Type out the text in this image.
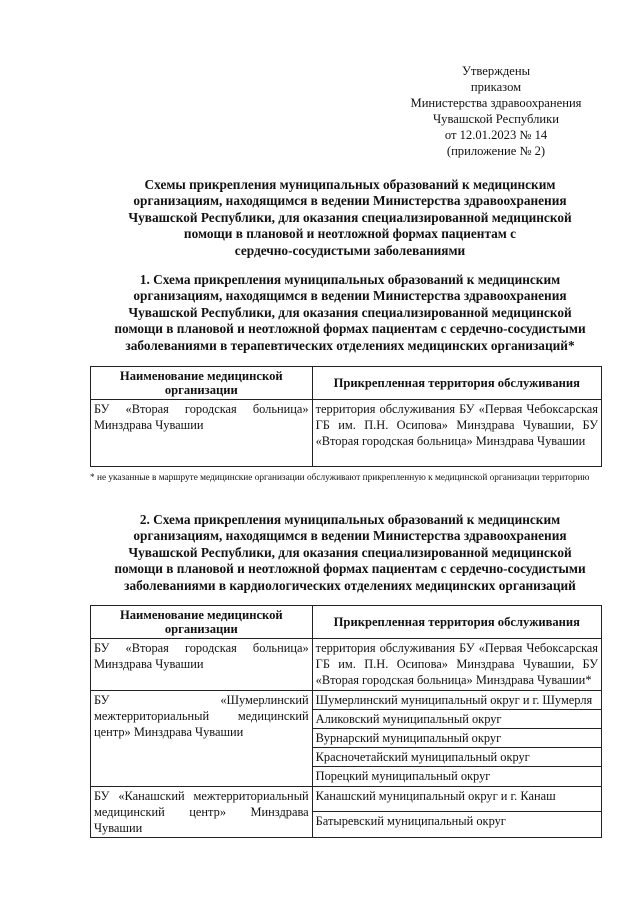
Утверждены
приказом
Министерства здравоохранения
Чувашской Республики
от 12.01.2023 № 14
(приложение № 2)
Схемы прикрепления муниципальных образований к медицинским
организациям, находящимся в ведении Министерства здравоохранения
Чувашской Республики, для оказания специализированной медицинской
помощи в плановой и неотложной формах пациентам с
сердечно-сосудистыми заболеваниями
1. Схема прикрепления муниципальных образований к медицинским
организациям, находящимся в ведении Министерства здравоохранения
Чувашской Республики, для оказания специализированной медицинской
помощи в плановой и неотложной формах пациентам с сердечно-сосудистыми
заболеваниями в терапевтических отделениях медицинских организаций*
Наименование медицинской организации	Прикрепленная территория обслуживания
БУ «Вторая городская больница» Минздрава Чувашии	территория обслуживания БУ «Первая Чебоксарская ГБ им. П.Н. Осипова» Минздрава Чувашии, БУ «Вторая городская больница» Минздрава Чувашии
* не указанные в маршруте медицинские организации обслуживают прикрепленную к медицинской организации территорию
2. Схема прикрепления муниципальных образований к медицинским
организациям, находящимся в ведении Министерства здравоохранения
Чувашской Республики, для оказания специализированной медицинской
помощи в плановой и неотложной формах пациентам с сердечно-сосудистыми
заболеваниями в кардиологических отделениях медицинских организаций
Наименование медицинской организации	Прикрепленная территория обслуживания
БУ «Вторая городская больница» Минздрава Чувашии	территория обслуживания БУ «Первая Чебоксарская ГБ им. П.Н. Осипова» Минздрава Чувашии, БУ «Вторая городская больница» Минздрава Чувашии*
БУ «Шумерлинский межтерриториальный медицинский центр» Минздрава Чувашии	Шумерлинский муниципальный округ и г. Шумерля
	Аликовский муниципальный округ
	Вурнарский муниципальный округ
	Красночетайский муниципальный округ
	Порецкий муниципальный округ
БУ «Канашский межтерриториальный медицинский центр» Минздрава Чувашии	Канашский муниципальный округ и г. Канаш
	Батыревский муниципальный округ
